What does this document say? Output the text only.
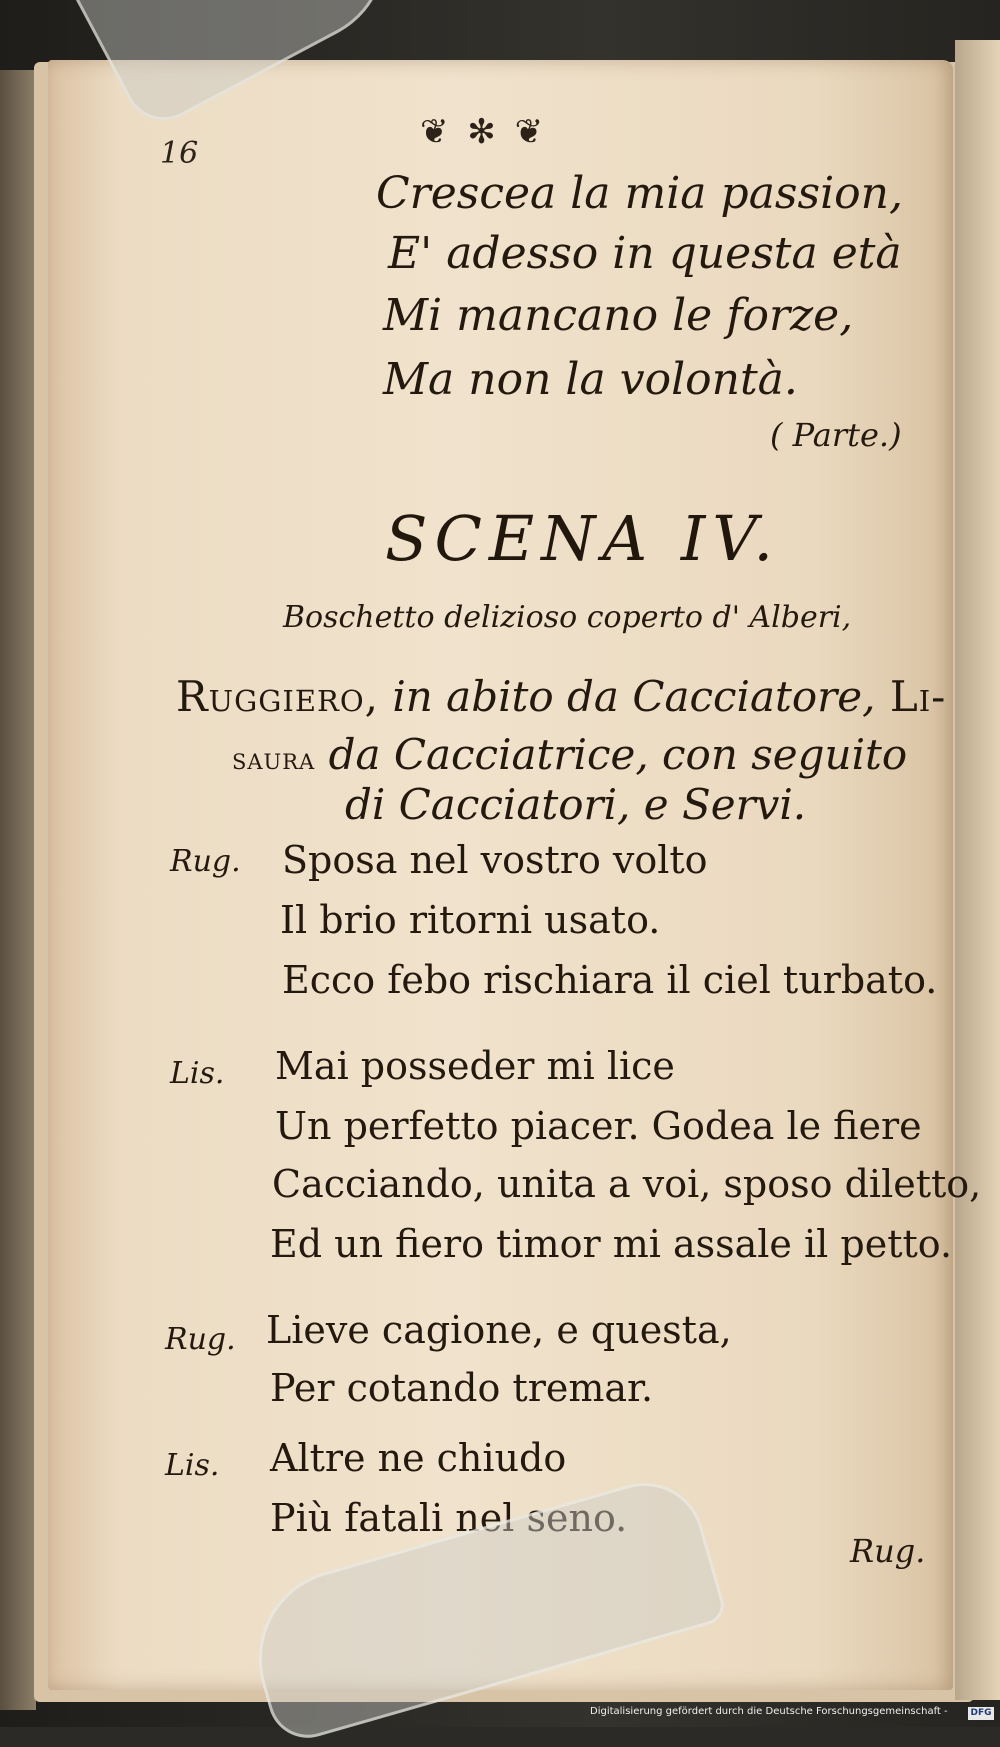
16
❦ ✻ ❦
Crescea la mia passion,
E' adesso in questa età
Mi mancano le forze,
Ma non la volontà.
( Parte.)
SCENA IV.
Boschetto delizioso coperto d' Alberi,
Ruggiero, in abito da Cacciatore, Li-
saura da Cacciatrice, con seguito
di Cacciatori, e Servi.
Rug. Sposa nel vostro volto
Il brio ritorni usato.
Ecco febo rischiara il ciel turbato.
Lis. Mai posseder mi lice
Un perfetto piacer. Godea le fiere
Cacciando, unita a voi, sposo diletto,
Ed un fiero timor mi assale il petto.
Rug. Lieve cagione, e questa,
Per cotando tremar.
Lis. Altre ne chiudo
Più fatali nel seno.
Rug.
Digitalisierung gefördert durch die Deutsche Forschungsgemeinschaft -	DFG
